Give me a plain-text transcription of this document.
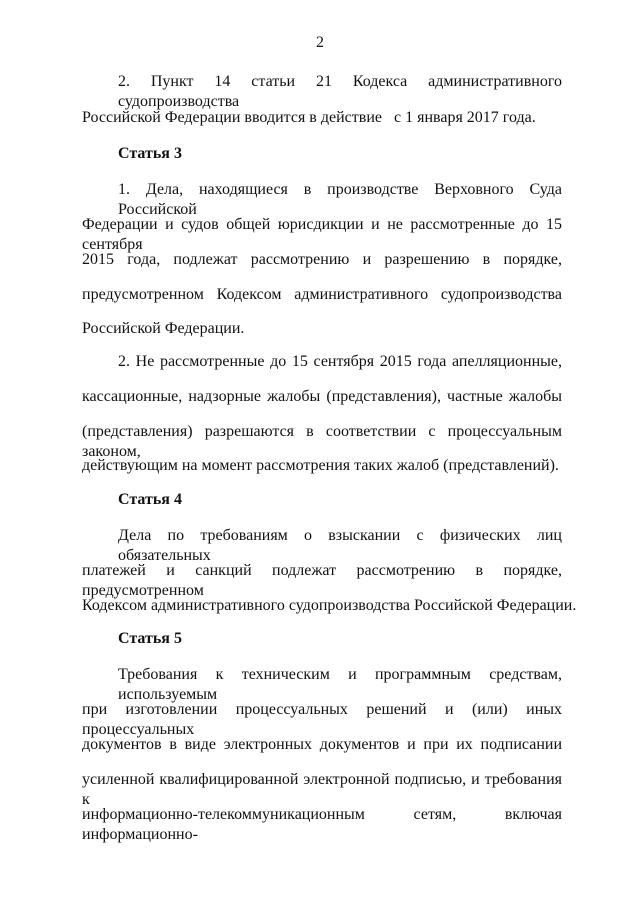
2
2. Пункт 14 статьи 21 Кодекса административного судопроизводства
Российской Федерации вводится в действие   с 1 января 2017 года.
Статья 3
1. Дела, находящиеся в производстве Верховного Суда Российской
Федерации и судов общей юрисдикции и не рассмотренные до 15 сентября
2015 года, подлежат рассмотрению и разрешению в порядке,
предусмотренном Кодексом административного судопроизводства
Российской Федерации.
2. Не рассмотренные до 15 сентября 2015 года апелляционные,
кассационные, надзорные жалобы (представления), частные жалобы
(представления) разрешаются в соответствии с процессуальным законом,
действующим на момент рассмотрения таких жалоб (представлений).
Статья 4
Дела по требованиям о взыскании с физических лиц обязательных
платежей и санкций подлежат рассмотрению в порядке, предусмотренном
Кодексом административного судопроизводства Российской Федерации.
Статья 5
Требования к техническим и программным средствам, используемым
при изготовлении процессуальных решений и (или) иных процессуальных
документов в виде электронных документов и при их подписании
усиленной квалифицированной электронной подписью, и требования к
информационно-телекоммуникационным сетям, включая информационно-
